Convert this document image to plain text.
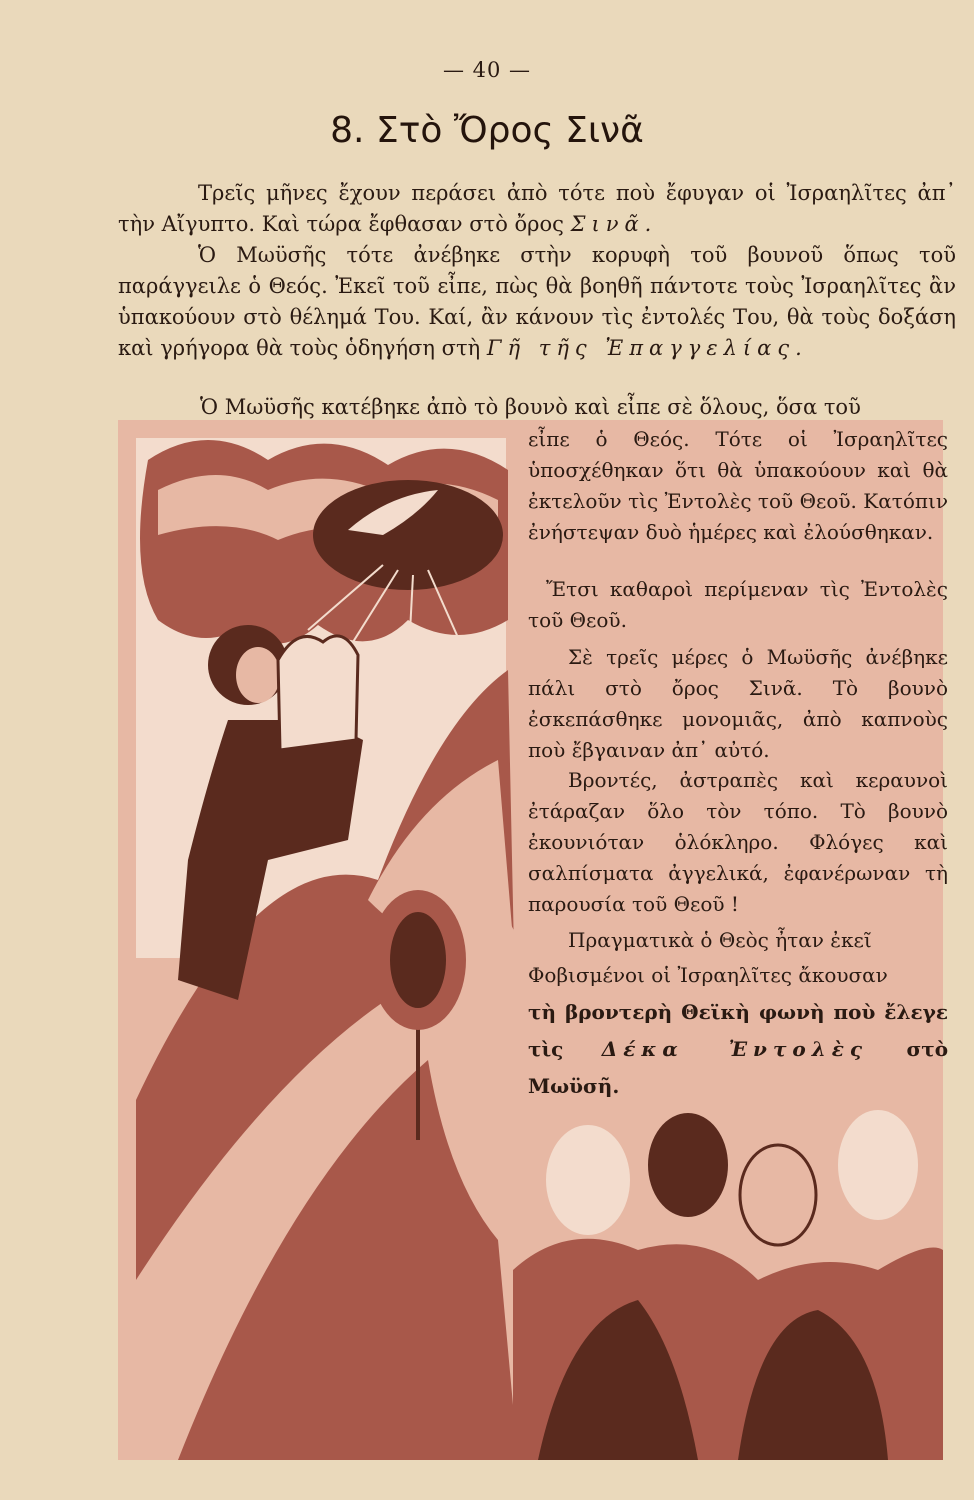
— 40 —
8. Στὸ Ὄρος Σινᾶ
Τρεῖς μῆνες ἔχουν περάσει ἀπὸ τότε ποὺ ἔφυγαν οἱ Ἰσραηλῖτες ἀπ᾽ τὴν Αἴγυπτο. Καὶ τώρα ἔφθασαν στὸ ὄρος Σινᾶ.
Ὁ Μωϋσῆς τότε ἀνέβηκε στὴν κορυφὴ τοῦ βουνοῦ ὅπως τοῦ παράγγειλε ὁ Θεός. Ἐκεῖ τοῦ εἶπε, πὼς θὰ βοηθῆ πάντοτε τοὺς Ἰσραηλῖτες ἂν ὑπακούουν στὸ θέλημά Του. Καί, ἂν κάνουν τὶς ἐντολές Του, θὰ τοὺς δοξάση καὶ γρήγορα θὰ τοὺς ὁδηγήση στὴ Γῆ τῆς Ἐπαγγελίας.
Ὁ Μωϋσῆς κατέβηκε ἀπὸ τὸ βουνὸ καὶ εἶπε σὲ ὅλους, ὅσα τοῦ
εἶπε ὁ Θεός. Τότε οἱ Ἰσραηλῖτες ὑποσχέθηκαν ὅτι θὰ ὑπακούουν καὶ θὰ ἐκτελοῦν τὶς Ἐντολὲς τοῦ Θεοῦ. Κατόπιν ἐνήστεψαν δυὸ ἡμέρες καὶ ἐλούσθηκαν.
Ἔτσι καθαροὶ περίμεναν τὶς Ἐντολὲς τοῦ Θεοῦ.
Σὲ τρεῖς μέρες ὁ Μωϋσῆς ἀνέβηκε πάλι στὸ ὄρος Σινᾶ. Τὸ βουνὸ ἐσκεπάσθηκε μονομιᾶς, ἀπὸ καπνοὺς ποὺ ἔβγαιναν ἀπ᾽ αὐτό.
Βροντές, ἀστραπὲς καὶ κεραυνοὶ ἐτάραζαν ὅλο τὸν τόπο. Τὸ βουνὸ ἐκουνιόταν ὁλόκληρο. Φλόγες καὶ σαλπίσματα ἀγγελικά, ἐφανέρωναν τὴ παρουσία τοῦ Θεοῦ !
Πραγματικὰ ὁ Θεὸς ἦταν ἐκεῖ
Φοβισμένοι οἱ Ἰσραηλῖτες ἄκουσαν
τὴ βροντερὴ Θεϊκὴ φωνὴ ποὺ ἔλεγε τὶς Δέκα Ἐντολὲς στὸ Μωϋσῆ.
